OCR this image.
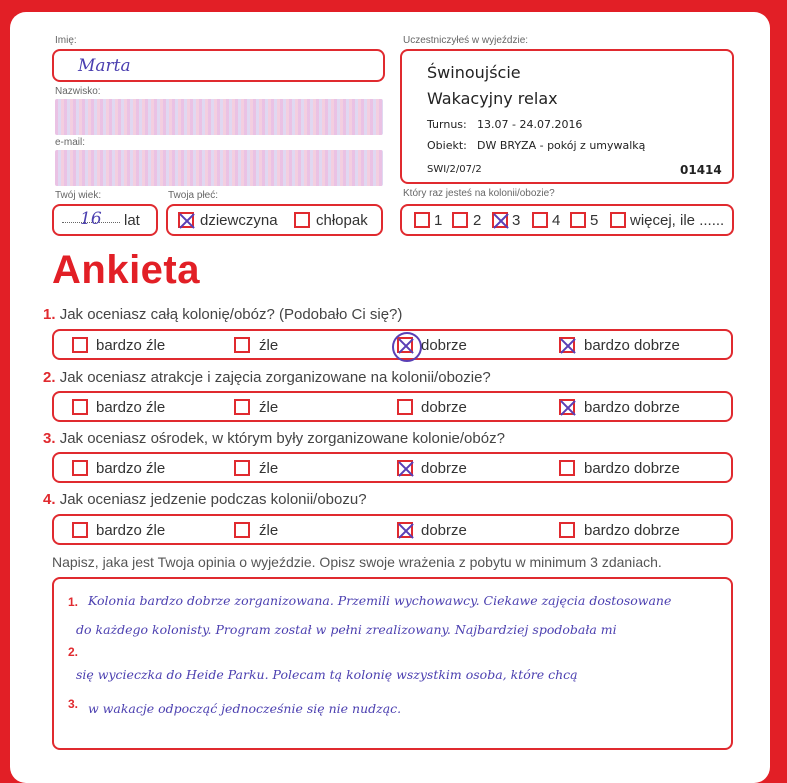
Imię:
Marta
Nazwisko:
e-mail:
Twój wiek:
16 lat
Twoja płeć:
dziewczyna	chłopak
Uczestniczyłeś w wyjeździe:
Świnoujście
Wakacyjny relax
Turnus: 13.07 - 24.07.2016
Obiekt: DW BRYZA - pokój z umywalką
SWI/2/07/2	01414
Który raz jesteś na kolonii/obozie?
1 2 3 4 5 więcej, ile ......
Ankieta
1. Jak oceniasz całą kolonię/obóz? (Podobało Ci się?)
bardzo źle	źle	dobrze	bardzo dobrze
2. Jak oceniasz atrakcje i zajęcia zorganizowane na kolonii/obozie?
bardzo źle	źle	dobrze	bardzo dobrze
3. Jak oceniasz ośrodek, w którym były zorganizowane kolonie/obóz?
bardzo źle	źle	dobrze	bardzo dobrze
4. Jak oceniasz jedzenie podczas kolonii/obozu?
bardzo źle	źle	dobrze	bardzo dobrze
Napisz, jaka jest Twoja opinia o wyjeździe. Opisz swoje wrażenia z pobytu w minimum 3 zdaniach.
1.
2.
3.
Kolonia bardzo dobrze zorganizowana. Przemili wychowawcy. Ciekawe zajęcia dostosowane
do każdego kolonisty. Program został w pełni zrealizowany. Najbardziej spodobała mi
się wycieczka do Heide Parku. Polecam tą kolonię wszystkim osoba, które chcą
w wakacje odpocząć jednocześnie się nie nudząc.
